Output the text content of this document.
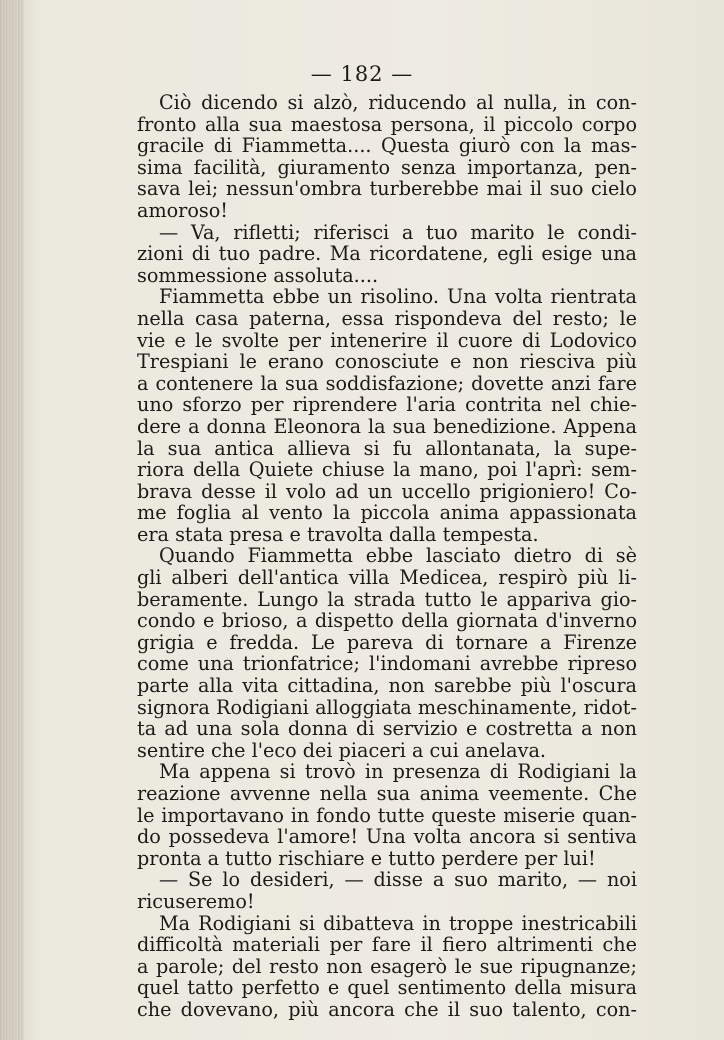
— 182 —
Ciò dicendo si alzò, riducendo al nulla, in con-
fronto alla sua maestosa persona, il piccolo corpo
gracile di Fiammetta.... Questa giurò con la mas-
sima facilità, giuramento senza importanza, pen-
sava lei; nessun'ombra turberebbe mai il suo cielo
amoroso!
— Va, rifletti; riferisci a tuo marito le condi-
zioni di tuo padre. Ma ricordatene, egli esige una
sommessione assoluta....
Fiammetta ebbe un risolino. Una volta rientrata
nella casa paterna, essa rispondeva del resto; le
vie e le svolte per intenerire il cuore di Lodovico
Trespiani le erano conosciute e non riesciva più
a contenere la sua soddisfazione; dovette anzi fare
uno sforzo per riprendere l'aria contrita nel chie-
dere a donna Eleonora la sua benedizione. Appena
la sua antica allieva si fu allontanata, la supe-
riora della Quiete chiuse la mano, poi l'aprì: sem-
brava desse il volo ad un uccello prigioniero! Co-
me foglia al vento la piccola anima appassionata
era stata presa e travolta dalla tempesta.
Quando Fiammetta ebbe lasciato dietro di sè
gli alberi dell'antica villa Medicea, respirò più li-
beramente. Lungo la strada tutto le appariva gio-
condo e brioso, a dispetto della giornata d'inverno
grigia e fredda. Le pareva di tornare a Firenze
come una trionfatrice; l'indomani avrebbe ripreso
parte alla vita cittadina, non sarebbe più l'oscura
signora Rodigiani alloggiata meschinamente, ridot-
ta ad una sola donna di servizio e costretta a non
sentire che l'eco dei piaceri a cui anelava.
Ma appena si trovò in presenza di Rodigiani la
reazione avvenne nella sua anima veemente. Che
le importavano in fondo tutte queste miserie quan-
do possedeva l'amore! Una volta ancora si sentiva
pronta a tutto rischiare e tutto perdere per lui!
— Se lo desideri, — disse a suo marito, — noi
ricuseremo!
Ma Rodigiani si dibatteva in troppe inestricabili
difficoltà materiali per fare il fiero altrimenti che
a parole; del resto non esagerò le sue ripugnanze;
quel tatto perfetto e quel sentimento della misura
che dovevano, più ancora che il suo talento, con-
